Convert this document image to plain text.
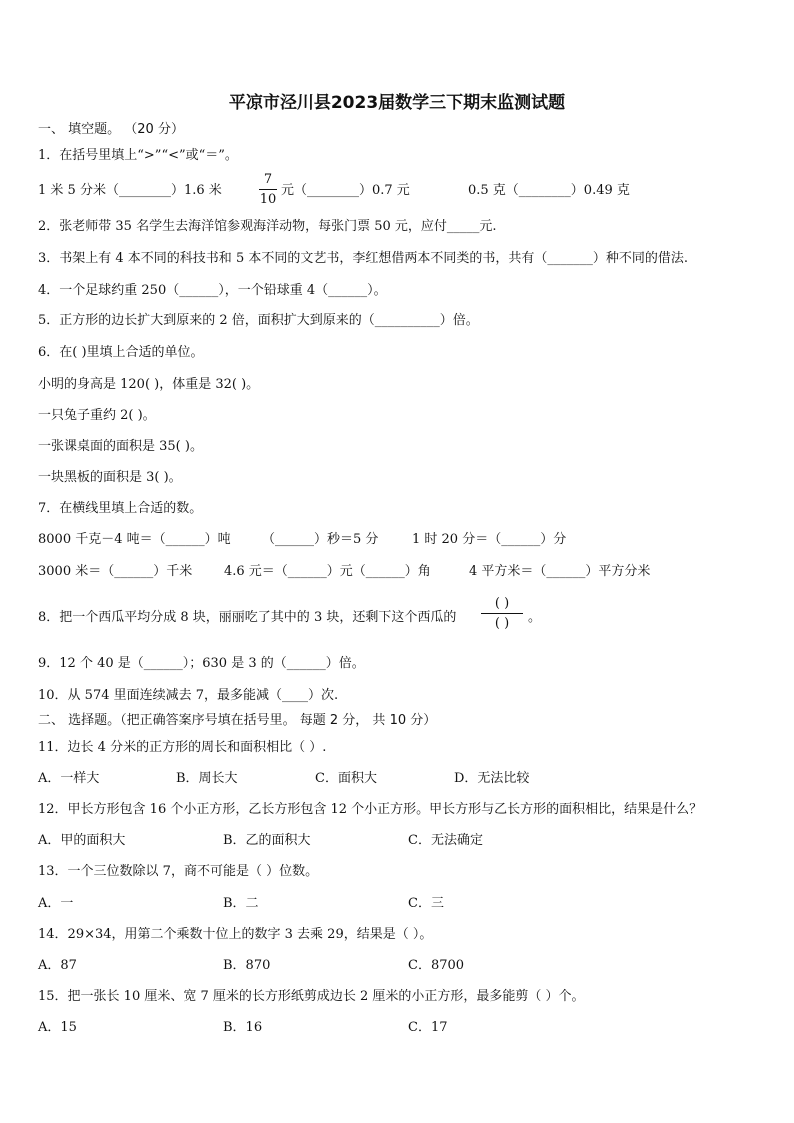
平凉市泾川县2023届数学三下期末监测试题
一、 填空题。 （20 分）
1．在括号里填上“>”“<”或“＝”。
1 米 5 分米（________）1.6 米
7
10
元（________）0.7 元	0.5 克（________）0.49 克
2．张老师带 35 名学生去海洋馆参观海洋动物，每张门票 50 元，应付_____元.
3．书架上有 4 本不同的科技书和 5 本不同的文艺书，李红想借两本不同类的书，共有（_______）种不同的借法.
4．一个足球约重 250（______），一个铅球重 4（______）。
5．正方形的边长扩大到原来的 2 倍，面积扩大到原来的（__________）倍。
6．在( )里填上合适的单位。
小明的身高是 120( )，体重是 32( )。
一只兔子重约 2( )。
一张课桌面的面积是 35( )。
一块黑板的面积是 3( )。
7．在横线里填上合适的数。
8000 千克－4 吨＝（______）吨 （______）秒＝5 分	1 时 20 分＝（______）分
3000 米＝（______）千米 4.6 元＝（______）元（______）角	4 平方米＝（______）平方分米
8．把一个西瓜平均分成 8 块，丽丽吃了其中的 3 块，还剩下这个西瓜的
( )
( ) 。
9．12 个 40 是（______）；630 是 3 的（______）倍。
10．从 574 里面连续减去 7，最多能减（____）次.
二、 选择题。（把正确答案序号填在括号里。 每题 2 分， 共 10 分）
11．边长 4 分米的正方形的周长和面积相比（ ）.
A．一样大	B．周长大	C．面积大	D．无法比较
12．甲长方形包含 16 个小正方形，乙长方形包含 12 个小正方形。甲长方形与乙长方形的面积相比，结果是什么？
A．甲的面积大	B．乙的面积大	C．无法确定
13．一个三位数除以 7，商不可能是（ ）位数。
A．一	B．二	C．三
14．29×34，用第二个乘数十位上的数字 3 去乘 29，结果是（ ）。
A．87	B．870	C．8700
15．把一张长 10 厘米、宽 7 厘米的长方形纸剪成边长 2 厘米的小正方形，最多能剪（ ）个。
A．15	B．16	C．17
